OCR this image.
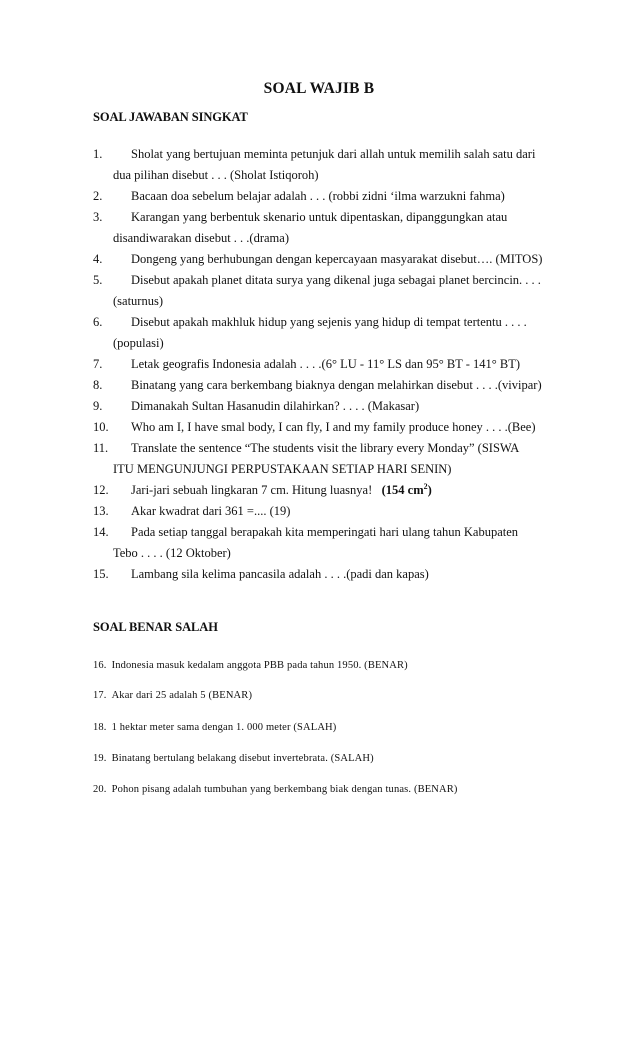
SOAL WAJIB B
SOAL JAWABAN SINGKAT
1. Sholat yang bertujuan meminta petunjuk dari allah untuk memilih salah satu dari
dua pilihan disebut . . . (Sholat Istiqoroh)
2. Bacaan doa sebelum belajar adalah . . . (robbi zidni ‘ilma warzukni fahma)
3. Karangan yang berbentuk skenario untuk dipentaskan, dipanggungkan atau
disandiwarakan disebut . . .(drama)
4. Dongeng yang berhubungan dengan kepercayaan masyarakat disebut…. (MITOS)
5. Disebut apakah planet ditata surya yang dikenal juga sebagai planet bercincin. . . .
(saturnus)
6. Disebut apakah makhluk hidup yang sejenis yang hidup di tempat tertentu . . . .
(populasi)
7. Letak geografis Indonesia adalah . . . .(6° LU - 11° LS dan 95° BT - 141° BT)
8. Binatang yang cara berkembang biaknya dengan melahirkan disebut . . . .(vivipar)
9. Dimanakah Sultan Hasanudin dilahirkan? . . . . (Makasar)
10. Who am I, I have smal body, I can fly, I and my family produce honey . . . .(Bee)
11. Translate the sentence “The students visit the library every Monday” (SISWA
ITU MENGUNJUNGI PERPUSTAKAAN SETIAP HARI SENIN)
12. Jari-jari sebuah lingkaran 7 cm. Hitung luasnya! (154 $cm^2$)
13. Akar kwadrat dari 361 =.... (19)
14. Pada setiap tanggal berapakah kita memperingati hari ulang tahun Kabupaten
Tebo . . . . (12 Oktober)
15. Lambang sila kelima pancasila adalah . . . .(padi dan kapas)
SOAL BENAR SALAH
16. Indonesia masuk kedalam anggota PBB pada tahun 1950. (BENAR)
17. Akar dari 25 adalah 5 (BENAR)
18. 1 hektar meter sama dengan 1. 000 meter (SALAH)
19. Binatang bertulang belakang disebut invertebrata. (SALAH)
20. Pohon pisang adalah tumbuhan yang berkembang biak dengan tunas. (BENAR)
